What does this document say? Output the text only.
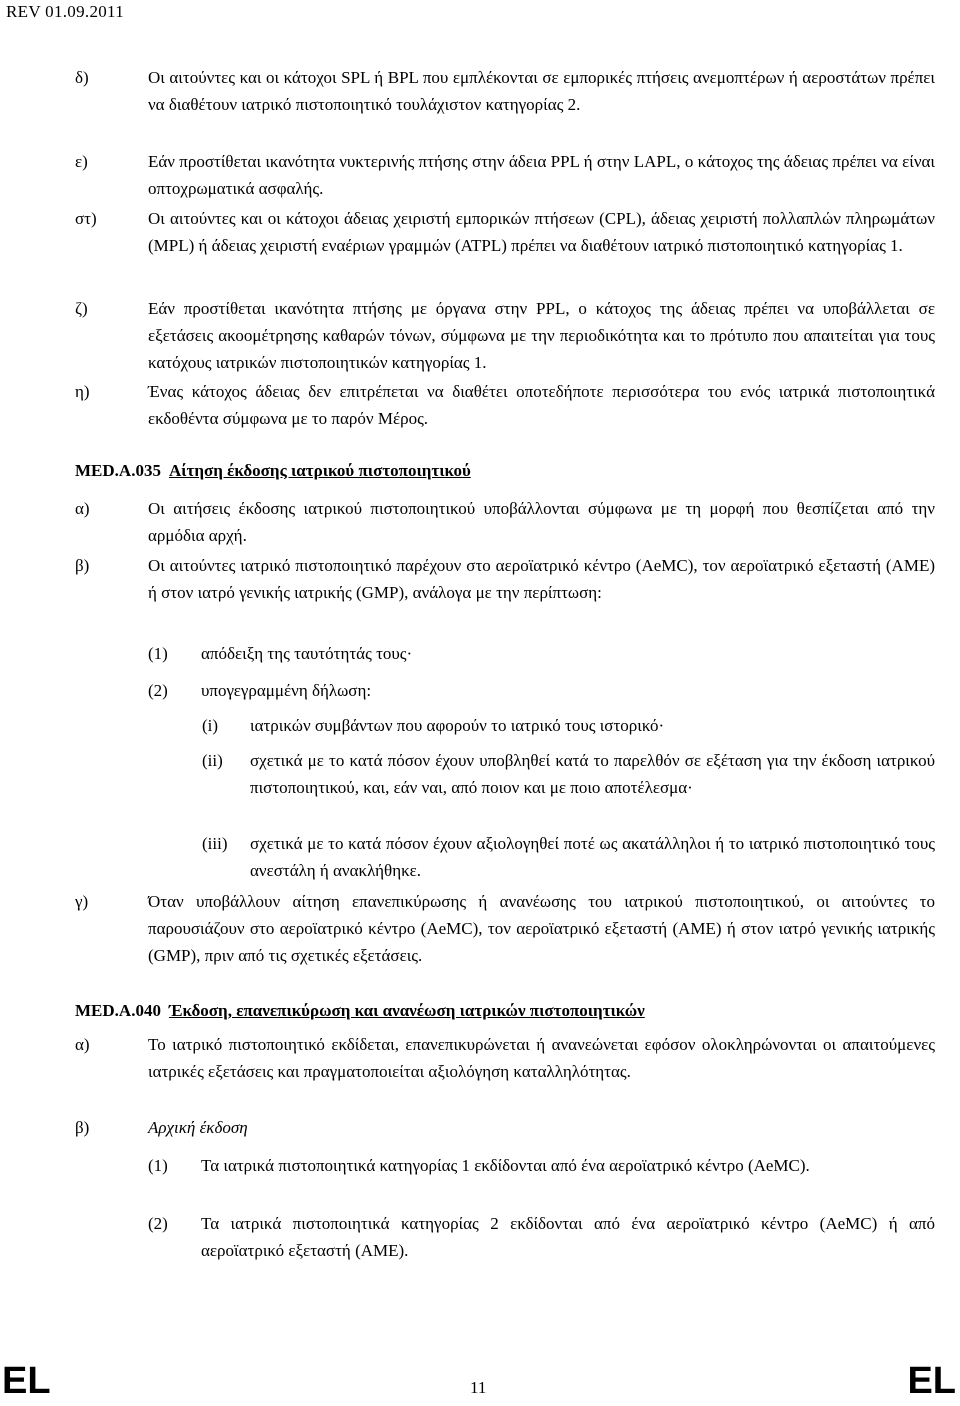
REV 01.09.2011
δ)	Οι αιτούντες και οι κάτοχοι SPL ή BPL που εμπλέκονται σε εμπορικές πτήσεις ανεμοπτέρων ή αεροστάτων πρέπει να διαθέτουν ιατρικό πιστοποιητικό τουλάχιστον κατηγορίας 2.
ε)	Εάν προστίθεται ικανότητα νυκτερινής πτήσης στην άδεια PPL ή στην LAPL, ο κάτοχος της άδειας πρέπει να είναι οπτοχρωματικά ασφαλής.
στ)	Οι αιτούντες και οι κάτοχοι άδειας χειριστή εμπορικών πτήσεων (CPL), άδειας χειριστή πολλαπλών πληρωμάτων (MPL) ή άδειας χειριστή εναέριων γραμμών (ATPL) πρέπει να διαθέτουν ιατρικό πιστοποιητικό κατηγορίας 1.
ζ)	Εάν προστίθεται ικανότητα πτήσης με όργανα στην PPL, ο κάτοχος της άδειας πρέπει να υποβάλλεται σε εξετάσεις ακοομέτρησης καθαρών τόνων, σύμφωνα με την περιοδικότητα και το πρότυπο που απαιτείται για τους κατόχους ιατρικών πιστοποιητικών κατηγορίας 1.
η)	Ένας κάτοχος άδειας δεν επιτρέπεται να διαθέτει οποτεδήποτε περισσότερα του ενός ιατρικά πιστοποιητικά εκδοθέντα σύμφωνα με το παρόν Μέρος.
MED.A.035 Αίτηση έκδοσης ιατρικού πιστοποιητικού
α)	Οι αιτήσεις έκδοσης ιατρικού πιστοποιητικού υποβάλλονται σύμφωνα με τη μορφή που θεσπίζεται από την αρμόδια αρχή.
β)	Οι αιτούντες ιατρικό πιστοποιητικό παρέχουν στο αεροϊατρικό κέντρο (AeMC), τον αεροϊατρικό εξεταστή (AME) ή στον ιατρό γενικής ιατρικής (GMP), ανάλογα με την περίπτωση:
(1) απόδειξη της ταυτότητάς τους·
(2) υπογεγραμμένη δήλωση:
(i) ιατρικών συμβάντων που αφορούν το ιατρικό τους ιστορικό·
(ii) σχετικά με το κατά πόσον έχουν υποβληθεί κατά το παρελθόν σε εξέταση για την έκδοση ιατρικού πιστοποιητικού, και, εάν ναι, από ποιον και με ποιο αποτέλεσμα·
(iii) σχετικά με το κατά πόσον έχουν αξιολογηθεί ποτέ ως ακατάλληλοι ή το ιατρικό πιστοποιητικό τους ανεστάλη ή ανακλήθηκε.
γ)	Όταν υποβάλλουν αίτηση επανεπικύρωσης ή ανανέωσης του ιατρικού πιστοποιητικού, οι αιτούντες το παρουσιάζουν στο αεροϊατρικό κέντρο (AeMC), τον αεροϊατρικό εξεταστή (AME) ή στον ιατρό γενικής ιατρικής (GMP), πριν από τις σχετικές εξετάσεις.
MED.A.040 Έκδοση, επανεπικύρωση και ανανέωση ιατρικών πιστοποιητικών
α)	Το ιατρικό πιστοποιητικό εκδίδεται, επανεπικυρώνεται ή ανανεώνεται εφόσον ολοκληρώνονται οι απαιτούμενες ιατρικές εξετάσεις και πραγματοποιείται αξιολόγηση καταλληλότητας.
β)	Αρχική έκδοση
(1) Τα ιατρικά πιστοποιητικά κατηγορίας 1 εκδίδονται από ένα αεροϊατρικό κέντρο (AeMC).
(2) Τα ιατρικά πιστοποιητικά κατηγορίας 2 εκδίδονται από ένα αεροϊατρικό κέντρο (AeMC) ή από αεροϊατρικό εξεταστή (AME).
EL	11	EL
